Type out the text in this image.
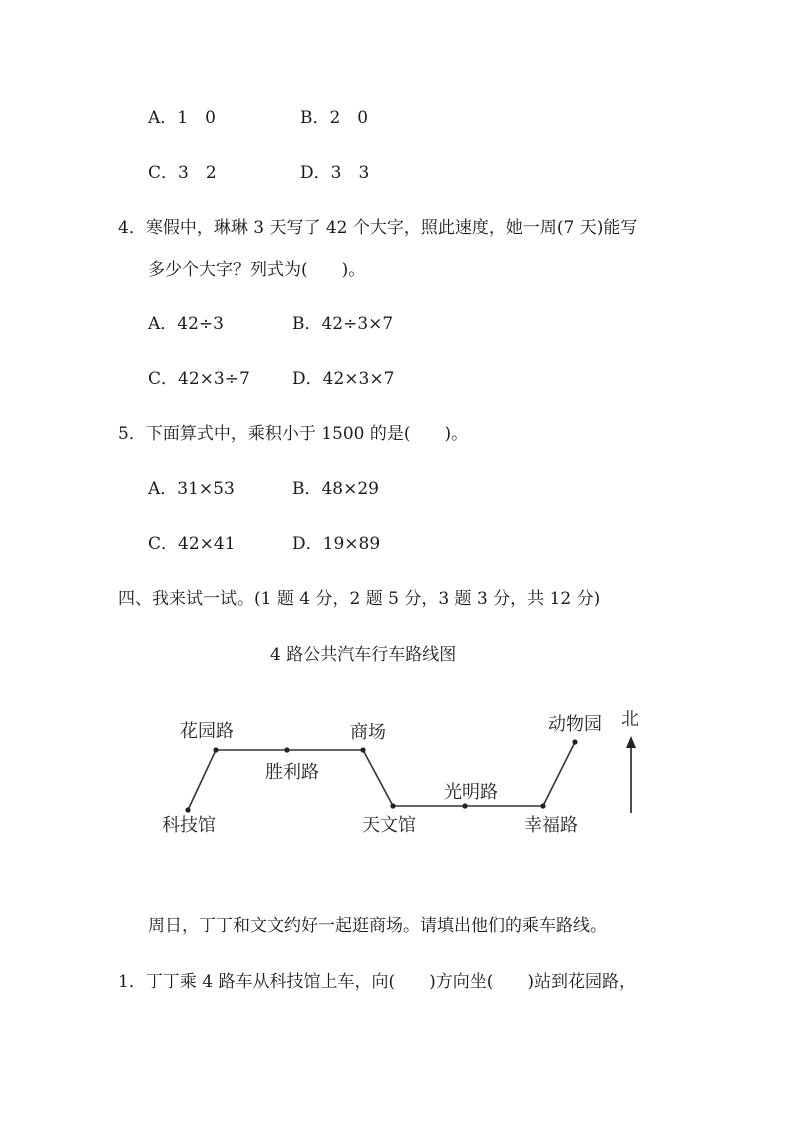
A．1　0	B．2　0
C．3　2	D．3　3
4．寒假中，琳琳 3 天写了 42 个大字，照此速度，她一周(7 天)能写
多少个大字？列式为(　　)。
A．42÷3	B．42÷3×7
C．42×3÷7 D．42×3×7
5．下面算式中，乘积小于 1500 的是(　　)。
A．31×53	B．48×29
C．42×41	D．19×89
四、我来试一试。(1 题 4 分，2 题 5 分，3 题 3 分，共 12 分)
4 路公共汽车行车路线图
科技馆
花园路
胜利路
商场
天文馆
光明路
幸福路
动物园 北
周日，丁丁和文文约好一起逛商场。请填出他们的乘车路线。
1．丁丁乘 4 路车从科技馆上车，向(　　)方向坐(　　)站到花园路，
